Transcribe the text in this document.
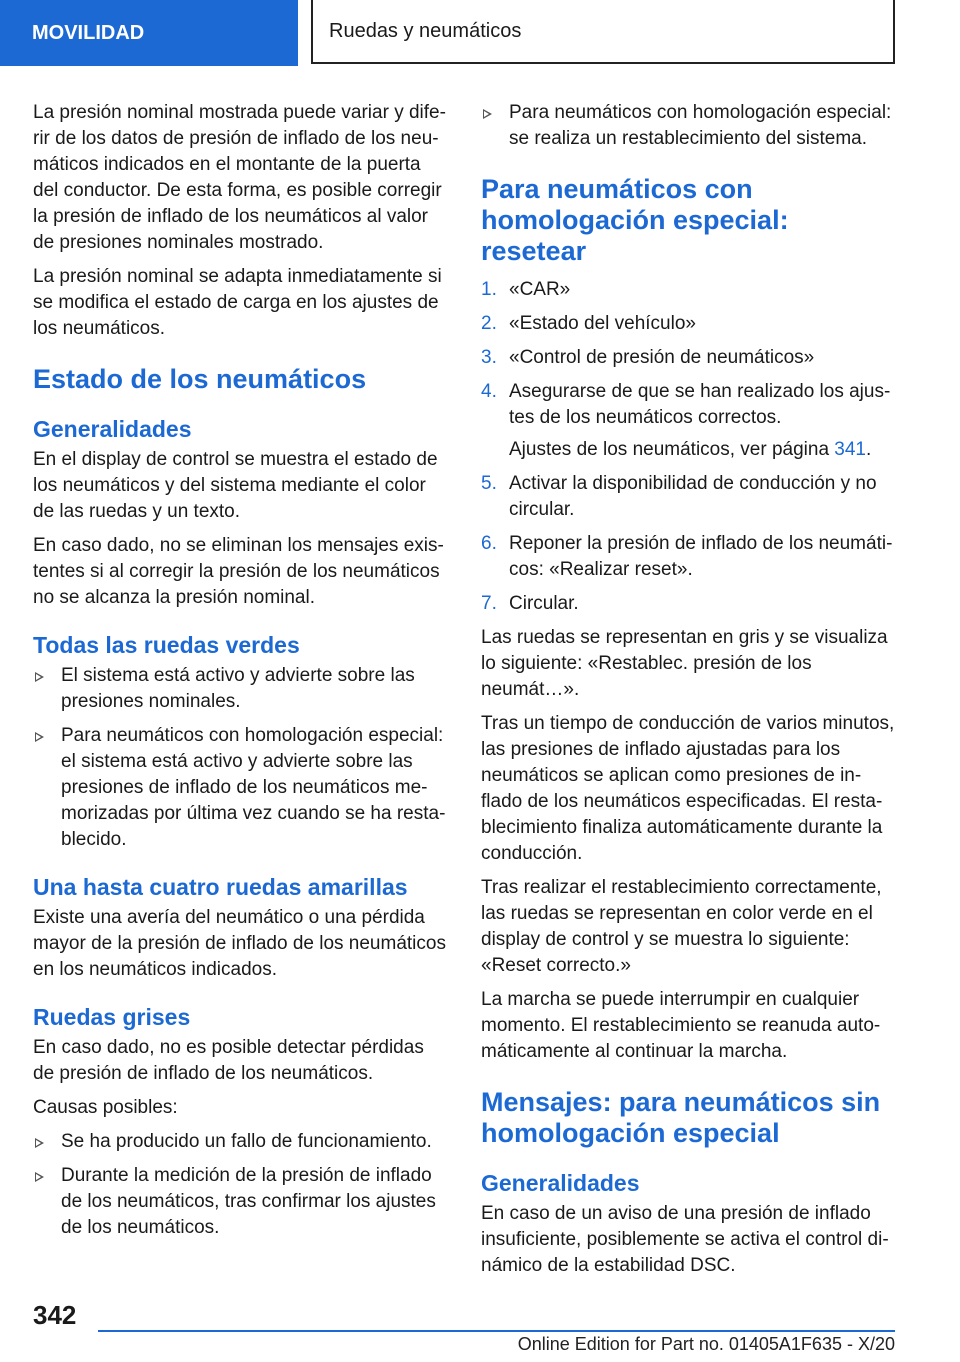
MOVILIDAD	Ruedas y neumáticos

La presión nominal mostrada puede variar y diferir de los datos de presión de inflado de los neumáticos indicados en el montante de la puerta del conductor. De esta forma, es posible corregir la presión de inflado de los neumáticos al valor de presiones nominales mostrado.

La presión nominal se adapta inmediatamente si se modifica el estado de carga en los ajustes de los neumáticos.

Estado de los neumáticos
Generalidades

En el display de control se muestra el estado de los neumáticos y del sistema mediante el color de las ruedas y un texto.

En caso dado, no se eliminan los mensajes existentes si al corregir la presión de los neumáticos no se alcanza la presión nominal.

Todas las ruedas verdes
El sistema está activo y advierte sobre las presiones nominales.
Para neumáticos con homologación especial: el sistema está activo y advierte sobre las presiones de inflado de los neumáticos memorizadas por última vez cuando se ha restablecido.
Una hasta cuatro ruedas amarillas

Existe una avería del neumático o una pérdida mayor de la presión de inflado de los neumáticos en los neumáticos indicados.

Ruedas grises

En caso dado, no es posible detectar pérdidas de presión de inflado de los neumáticos.

Causas posibles:

Se ha producido un fallo de funcionamiento.
Durante la medición de la presión de inflado de los neumáticos, tras confirmar los ajustes de los neumáticos.
Para neumáticos con homologación especial: se realiza un restablecimiento del sistema.
Para neumáticos con homologación especial: resetear
1. «CAR»
2. «Estado del vehículo»
3. «Control de presión de neumáticos»
4. Asegurarse de que se han realizado los ajustes de los neumáticos correctos.
Ajustes de los neumáticos, ver página 341.
5. Activar la disponibilidad de conducción y no circular.
6. Reponer la presión de inflado de los neumáticos: «Realizar reset».
7. Circular.

Las ruedas se representan en gris y se visualiza lo siguiente: «Restablec. presión de los neumát…».

Tras un tiempo de conducción de varios minutos, las presiones de inflado ajustadas para los neumáticos se aplican como presiones de inflado de los neumáticos especificadas. El restablecimiento finaliza automáticamente durante la conducción.

Tras realizar el restablecimiento correctamente, las ruedas se representan en color verde en el display de control y se muestra lo siguiente: «Reset correcto.»

La marcha se puede interrumpir en cualquier momento. El restablecimiento se reanuda automáticamente al continuar la marcha.

Mensajes: para neumáticos sin homologación especial
Generalidades

En caso de un aviso de una presión de inflado insuficiente, posiblemente se activa el control dinámico de la estabilidad DSC.

342
Online Edition for Part no. 01405A1F635 - X/20
